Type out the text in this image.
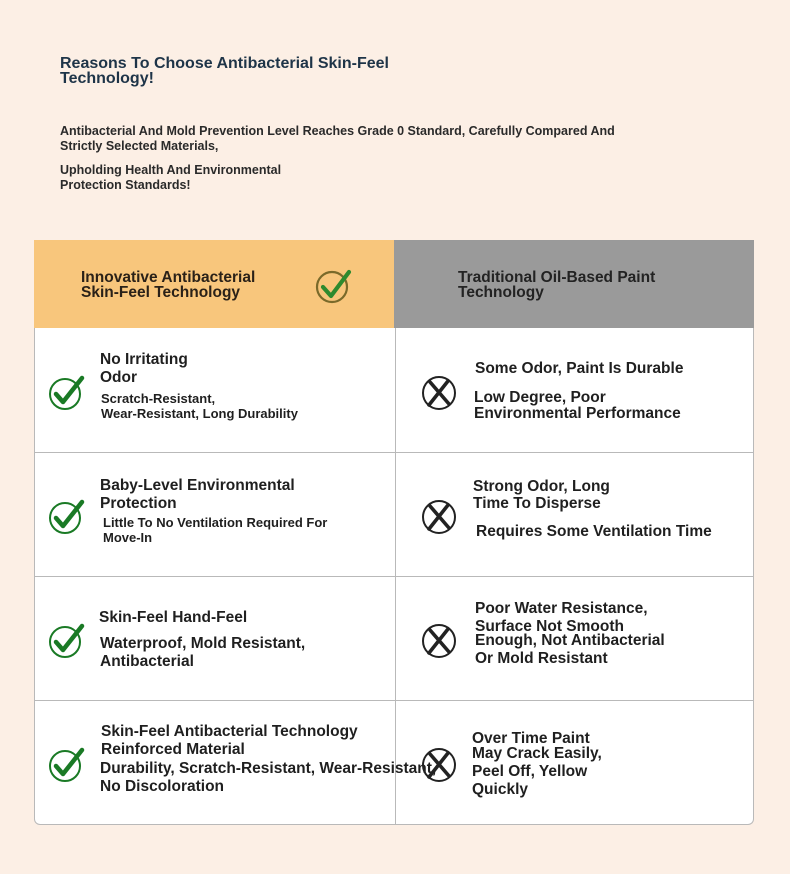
Reasons To Choose Antibacterial Skin-Feel
Technology!
Antibacterial And Mold Prevention Level Reaches Grade 0 Standard, Carefully Compared And
Strictly Selected Materials,
Upholding Health And Environmental
Protection Standards!
Innovative Antibacterial
Skin-Feel Technology
Traditional Oil-Based Paint
Technology
No Irritating
Odor
Scratch-Resistant,
Wear-Resistant, Long Durability
Some Odor, Paint Is Durable
Low Degree, Poor
Environmental Performance
Baby-Level Environmental
Protection
Little To No Ventilation Required For
Move-In
Strong Odor, Long
Time To Disperse
Requires Some Ventilation Time
Skin-Feel Hand-Feel
Waterproof, Mold Resistant,
Antibacterial
Poor Water Resistance,
Surface Not Smooth
Enough, Not Antibacterial
Or Mold Resistant
Skin-Feel Antibacterial Technology
Reinforced Material
Durability, Scratch-Resistant, Wear-Resistant,
No Discoloration
Over Time Paint
May Crack Easily,
Peel Off, Yellow
Quickly
